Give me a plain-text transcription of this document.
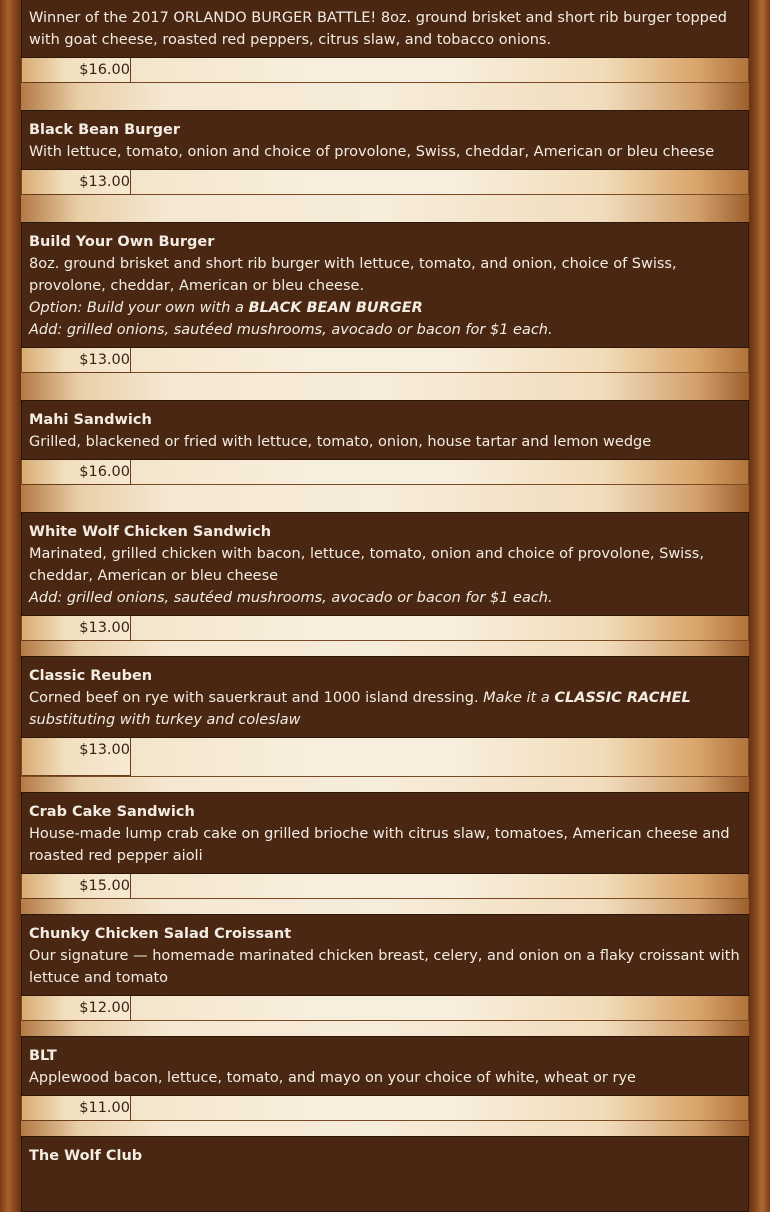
Winner of the 2017 ORLANDO BURGER BATTLE! 8oz. ground brisket and short rib burger topped with goat cheese, roasted red peppers, citrus slaw, and tobacco onions.
$16.00
Black Bean Burger
With lettuce, tomato, onion and choice of provolone, Swiss, cheddar, American or bleu cheese
$13.00
Build Your Own Burger
8oz. ground brisket and short rib burger with lettuce, tomato, and onion, choice of Swiss, provolone, cheddar, American or bleu cheese.
Option: Build your own with a BLACK BEAN BURGER
Add: grilled onions, sautéed mushrooms, avocado or bacon for $1 each.
$13.00
Mahi Sandwich
Grilled, blackened or fried with lettuce, tomato, onion, house tartar and lemon wedge
$16.00
White Wolf Chicken Sandwich
Marinated, grilled chicken with bacon, lettuce, tomato, onion and choice of provolone, Swiss, cheddar, American or bleu cheese
Add: grilled onions, sautéed mushrooms, avocado or bacon for $1 each.
$13.00
Classic Reuben
Corned beef on rye with sauerkraut and 1000 island dressing. Make it a CLASSIC RACHEL substituting with turkey and coleslaw
$13.00
Crab Cake Sandwich
House-made lump crab cake on grilled brioche with citrus slaw, tomatoes, American cheese and roasted red pepper aioli
$15.00
Chunky Chicken Salad Croissant
Our signature — homemade marinated chicken breast, celery, and onion on a flaky croissant with lettuce and tomato
$12.00
BLT
Applewood bacon, lettuce, tomato, and mayo on your choice of white, wheat or rye
$11.00
The Wolf Club
